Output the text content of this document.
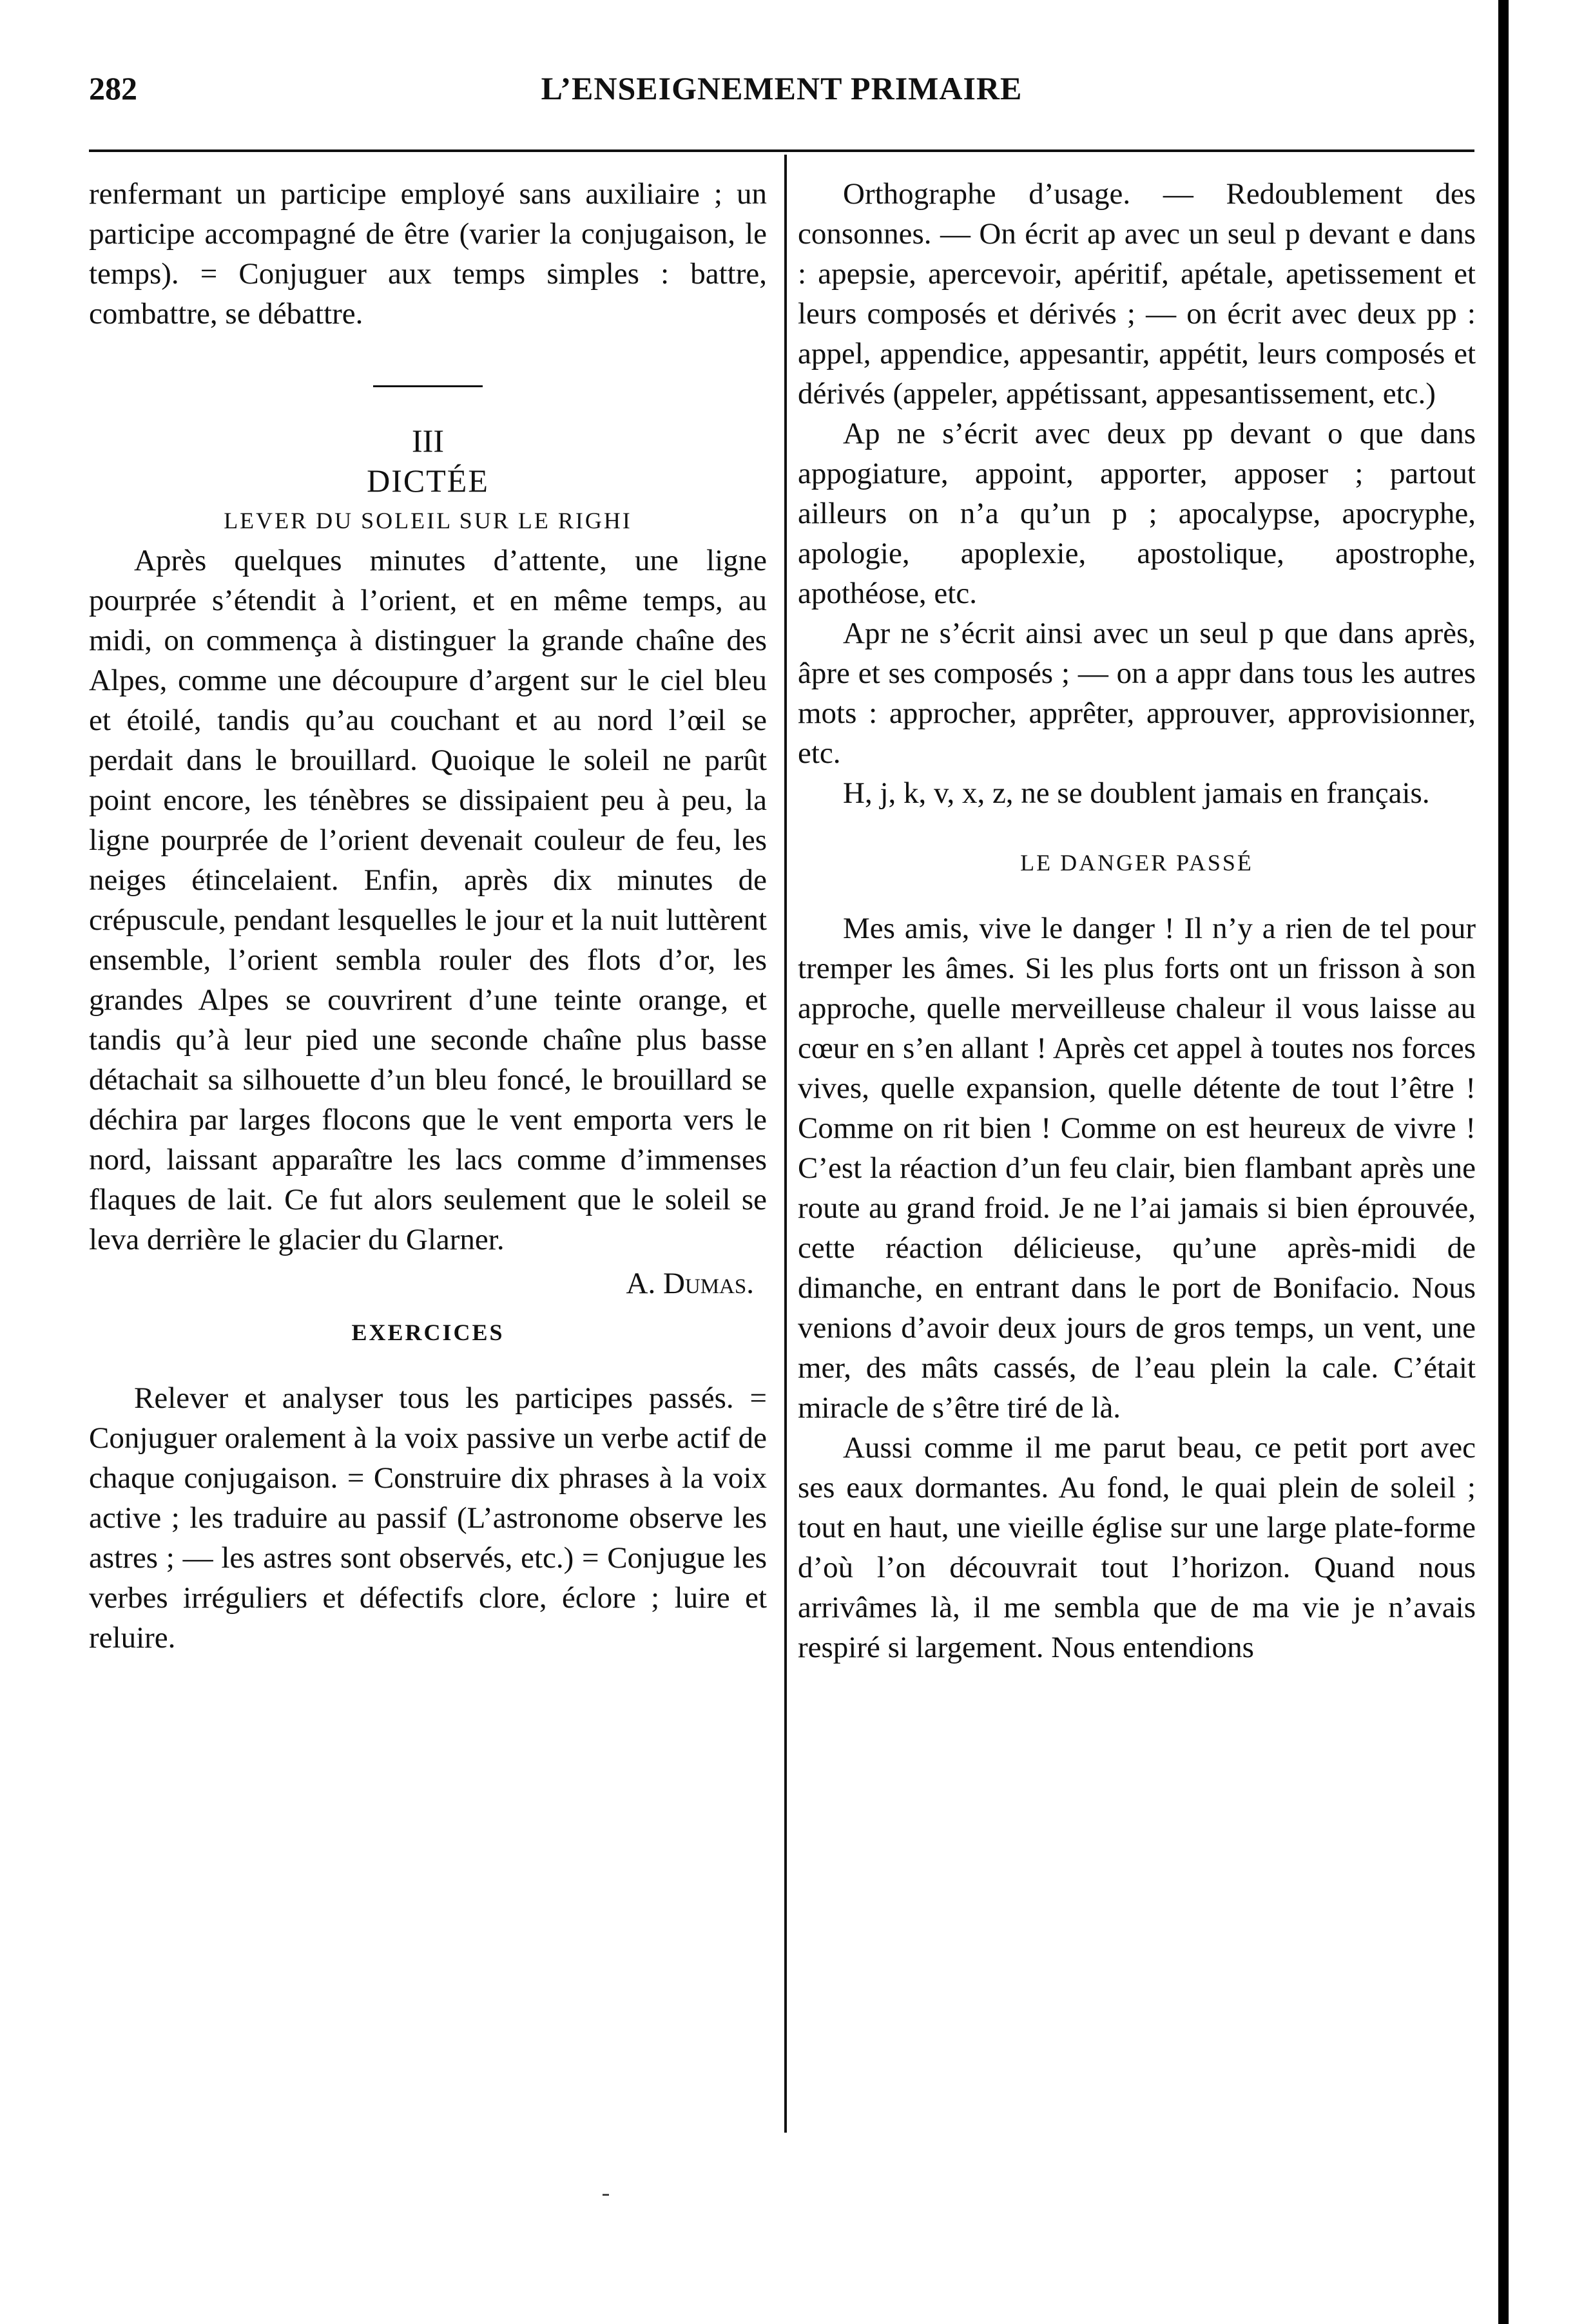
282	L’ENSEIGNEMENT PRIMAIRE

renfermant un participe employé sans auxiliaire ; un participe accompagné de être (varier la conjugaison, le temps). = Conjuguer aux temps simples : battre, combattre, se débattre.

III

DICTÉE

LEVER DU SOLEIL SUR LE RIGHI

Après quelques minutes d’attente, une ligne pourprée s’étendit à l’orient, et en même temps, au midi, on commença à distinguer la grande chaîne des Alpes, comme une découpure d’argent sur le ciel bleu et étoilé, tandis qu’au couchant et au nord l’œil se perdait dans le brouillard. Quoique le soleil ne parût point encore, les ténèbres se dissipaient peu à peu, la ligne pourprée de l’orient devenait couleur de feu, les neiges étincelaient. Enfin, après dix minutes de crépuscule, pendant lesquelles le jour et la nuit luttèrent ensemble, l’orient sembla rouler des flots d’or, les grandes Alpes se couvrirent d’une teinte orange, et tandis qu’à leur pied une seconde chaîne plus basse détachait sa silhouette d’un bleu foncé, le brouillard se déchira par larges flocons que le vent emporta vers le nord, laissant apparaître les lacs comme d’immenses flaques de lait. Ce fut alors seulement que le soleil se leva derrière le glacier du Glarner.

A. Dumas.

EXERCICES

Relever et analyser tous les participes passés. = Conjuguer oralement à la voix passive un verbe actif de chaque conjugaison. = Construire dix phrases à la voix active ; les traduire au passif (L’astronome observe les astres ; — les astres sont observés, etc.) = Conjugue les verbes irréguliers et défectifs clore, éclore ; luire et reluire.

Orthographe d’usage. — Redoublement des consonnes. — On écrit ap avec un seul p devant e dans : apepsie, apercevoir, apéritif, apétale, apetissement et leurs composés et dérivés ; — on écrit avec deux pp : appel, appendice, appesantir, appétit, leurs composés et dérivés (appeler, appétissant, appesantissement, etc.)

Ap ne s’écrit avec deux pp devant o que dans appogiature, appoint, apporter, apposer ; partout ailleurs on n’a qu’un p ; apocalypse, apocryphe, apologie, apoplexie, apostolique, apostrophe, apothéose, etc.

Apr ne s’écrit ainsi avec un seul p que dans après, âpre et ses composés ; — on a appr dans tous les autres mots : approcher, apprêter, approuver, approvisionner, etc.

H, j, k, v, x, z, ne se doublent jamais en français.

LE DANGER PASSÉ

Mes amis, vive le danger ! Il n’y a rien de tel pour tremper les âmes. Si les plus forts ont un frisson à son approche, quelle merveilleuse chaleur il vous laisse au cœur en s’en allant ! Après cet appel à toutes nos forces vives, quelle expansion, quelle détente de tout l’être ! Comme on rit bien ! Comme on est heureux de vivre ! C’est la réaction d’un feu clair, bien flambant après une route au grand froid. Je ne l’ai jamais si bien éprouvée, cette réaction délicieuse, qu’une après-midi de dimanche, en entrant dans le port de Bonifacio. Nous venions d’avoir deux jours de gros temps, un vent, une mer, des mâts cassés, de l’eau plein la cale. C’était miracle de s’être tiré de là.

Aussi comme il me parut beau, ce petit port avec ses eaux dormantes. Au fond, le quai plein de soleil ; tout en haut, une vieille église sur une large plate-forme d’où l’on découvrait tout l’horizon. Quand nous arrivâmes là, il me sembla que de ma vie je n’avais respiré si largement. Nous entendions
